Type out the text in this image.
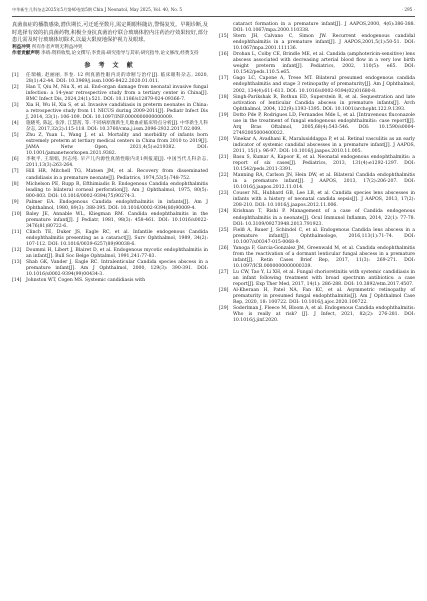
中华新生儿科杂志2025年5月第40卷第5期 Chin J Neonatol, May 2025, Vol. 40, No. 5	· 295 ·

真菌血症的播散感染,潜伏期长,可迁延至数月,需定期眼科随访,警惕复发。早期诊断,及时选择有效的抗真菌药物,积极全身抗真菌治疗联合玻璃体腔内注药治疗效果较好,部分患儿需及时行玻璃体切除术,以最大限度地保护视力及眼球。

利益冲突 所有作者声明无利益冲突

作者贡献声明 李靖:资料收集,论文撰写;李贵南:研究指导与其审;研究指导,论文修改,经费支持

参 考 文 献

[1] 任瑞楠, 赵丽丽, 李卷. 12 例真菌性眼内炎的诊断与治疗[J]. 临床眼科杂志, 2020, 28(1):42-44. DOI: 10.3969/j.issn.1006-8422.2020.01.011.

[2] Han T, Qiu M, Niu X, et al. End-organ damage from neonatal invasive fungal infection: a 14-year retrospective study from a tertiary center in China[J]. BMC Infect Dis, 2024,24(1):521. DOI: 10.1186/s12879-024-09366-7.

[3] Xia H, Wu H, Xia S, et al. Invasive candidiasis in preterm neonates in China: a retrospective study from 11 NICUS during 2009-2011[J]. Pediatr Infect Dis J, 2014, 33(1): 106-109. DOI: 10.1097/INF.0000000000000009.

[4] 施晓英, 陈远, 张净, 江慧茜, 等. 不同病原菌新生儿败血症临床特点分析[J]. 中华新生儿科杂志, 2017,32(2):115-118. DOI: 10.3760/cma.j.issn.2096-2932.2017.02.009.

[5] Zhu Z, Yuan L, Wang J, et al. Mortality and morbidity of infants born extremely preterm at tertiary medical centers in China from 2010 to 2019[J]. JAMA Netw Open, 2021,4(5):e219382. DOI: 10.1001/jamanetworkopen.2021.9382.

[6] 李秋平, 王瑞娟, 封志纯. 早产儿内源性真菌性眼内炎1例报道[J]. 中国当代儿科杂志, 2011,13(3):263-264.

[7] Hill HR, Mitchell TG, Matsen JM, et al. Recovery from disseminated candidiasis in a premature neonate[J]. Pediatrics, 1974,53(5):748-752.

[8] Michelson PE, Rupp R, Efthimiadis B. Endogenous Candida endophthalmitis leading to bilateral corneal perforation[J]. Am J Ophthalmol, 1975, 80(5): 800-803. DOI: 10.1016/0002-9394(75)90274-3.

[9] Palmer EA. Endogenous Candida endophthalmitis in infants[J]. Am J Ophthalmol, 1980, 89(3): 388-395. DOI: 10.1016/0002-9394(80)90009-4.

[10] Baley JE, Annable WL, Kliegman RM. Candida endophthalmitis in the premature infant[J]. J Pediatr, 1981, 98(3): 458-461. DOI: 10.1016/s0022-3476(81)80722-6.

[11] Clinch TE, Duker JS, Eagle RC, et al. Infantile endogenous Candida endophthalmitis presenting as a cataract[J]. Surv Ophthalmol, 1989, 34(2): 107-112. DOI: 10.1016/0039-6257(89)90038-6.

[12] Doummi H, Libert J, Blairet D, et al. Endogenous mycotic endophthalmitis in an infant[J]. Bull Soc Belge Ophtalmol, 1991,241:77-83.

[13] Shah GK, Vander J, Eagle RC. Intralenticular Candida species abscess in a premature infant[J]. Am J Ophthalmol, 2000, 129(3): 390-391. DOI: 10.1016/s0002-9394(99)00434-3.

[14] Johnston WT, Cogen MS. Systemic candidiasis with

cataract formation in a premature infant[J]. J AAPOS,2000, 4(6):386-388. DOI: 10.1067/mpa.2000.110338.

[15] Stern JH, Calvano C, Simon JW. Recurrent endogenous candidal endophthalmitis in a premature infant[J]. J AAPOS,2001,5(1):50-51. DOI: 10.1067/mpa.2001.111136.

[16] Drohan L, Colby CE, Brindle ME, et al. Candida (amphotericin-sensitive) lens abscess associated with decreasing arterial blood flow in a very low birth weight preterm infant[J]. Pediatrics, 2002, 110(5): e65. DOI: 10.1542/peds.110.5.e65.

[17] Gago LC, Capone A, Trese MT. Bilateral presumed endogenous candida endophthalmitis and stage 3 retinopathy of prematurity[J]. Am J Ophthalmol, 2002, 134(4):611-613. DOI: 10.1016/s0002-9394(02)01680-8.

[18] Singh-Parikshak R, Bothun ED, Superstein R, et al. Sequestration and late activation of lenticular Candida abscess in premature infants[J]. Arch Ophthalmol, 2004, 122(9):1393-1395. DOI: 10.1001/archopht.122.9.1393.

[19] Dotto Pde P, Rodrigues LD, Fernandes Mde L, et al. [Intravenous fluconazole use in the treatment of fungal endogenous endophthalmitis: case report][J]. Arq Bras Oftalmol, 2005,68(4):543-546. DOI: 10.1590/s0004-27492005000400022.

[20] Vinekar A, Avadhani K, Maralusiddappa P, et al. Retinal vasculitis as an early indicator of systemic candidal abscesses in a premature infant[J]. J AAPOS, 2011, 15(1): 96-97. DOI: 10.1016/j.jaapos.2010.11.005.

[21] Basu S, Kumar A, Kapoor K, et al. Neonatal endogenous endophthalmitis: a report of six cases[J]. Pediatrics, 2013, 131(4):e1292-1297. DOI: 10.1542/peds.2011-3391.

[22] Manning RA, Carlson JN, Hein DW, et al. Bilateral Candida endophthalmitis in a premature infant[J]. J AAPOS, 2013, 17(2):206-207. DOI: 10.1016/j.jaapos.2012.11.014.

[23] Couser NL, Hubbard GB, Lee LB, et al. Candida species lens abscesses in infants with a history of neonatal candida sepsis[J]. J AAPOS, 2013, 17(2): 208-210. DOI: 10.1016/j.jaapos.2012.11.006.

[24] Krishnan T, Rishi P. Management of a case of Candida endogenous endophthalmitis in a neonate[J]. Ocul Immunol Inflamm, 2014, 22(1): 77-78. DOI: 10.3109/09273948.2013.791923.

[25] Fielß A, Bauer J, Schindel C, et al. Endogenous Candida lens abscess in a premature infant[J]. Ophthalmologe, 2016,113(1):71-74. DOI: 10.1007/s00347-015-0068-9.

[26] Yanoga F, Garcia-Gonzalez JM, Greenwald M, et al. Candida endophthalmitis from the reactivation of a dormant lenticular fungal abscess in a premature infant[J]. Retin Cases Brief Rep, 2017, 11(3): 269-271. DOI: 10.1097/ICB.0000000000000339.

[27] Lu CW, Tao Y, Li XH, et al. Fungal chorioretinitis with systemic candidiasis in an infant following treatment with broad spectrum antibiotics: a case report[J]. Exp Ther Med, 2017, 14(1): 286-288. DOI: 10.3892/etm.2017.4507.

[28] Al-Kheraan H, Patel NA, Fan KC, et al. Asymmetric retinopathy of prematurity in presumed fungal endophthalmitis[J]. Am J Ophthalmol Case Rep, 2020, 18: 100722. DOI: 10.1016/j.ajoc.2020.100722.

[29] Soderlman J, Fleece M, Bloom A, et al. Endogenous Candida endophthalmitis: Who is really at risk? [J]. J Infect, 2021, 82(2): 276-281. DOI: 10.1016/j.jinf.2020.
